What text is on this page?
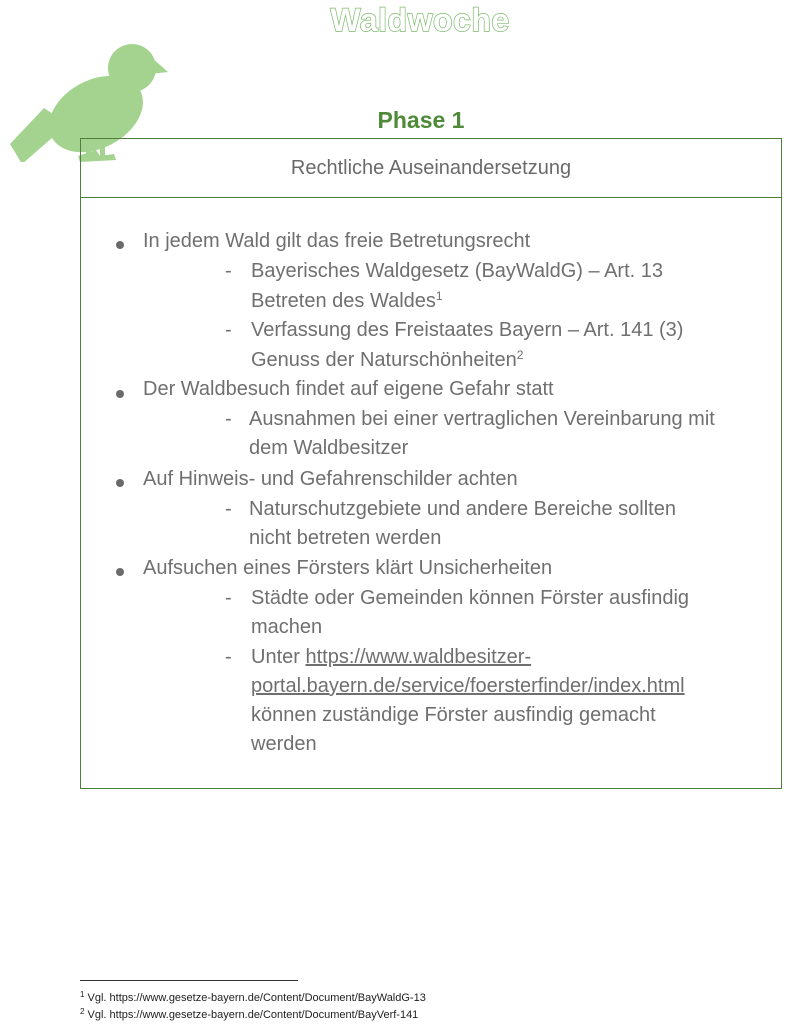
Waldwoche
Phase 1
Rechtliche Auseinandersetzung
In jedem Wald gilt das freie Betretungsrecht
- Bayerisches Waldgesetz (BayWaldG) – Art. 13
Betreten des Waldes$^1$
- Verfassung des Freistaates Bayern – Art. 141 (3)
Genuss der Naturschönheiten$^2$
Der Waldbesuch findet auf eigene Gefahr statt
- Ausnahmen bei einer vertraglichen Vereinbarung mit
dem Waldbesitzer
Auf Hinweis- und Gefahrenschilder achten
- Naturschutzgebiete und andere Bereiche sollten
nicht betreten werden
Aufsuchen eines Försters klärt Unsicherheiten
- Städte oder Gemeinden können Förster ausfindig
machen
- Unter https://www.waldbesitzer-
portal.bayern.de/service/foersterfinder/index.html
können zuständige Förster ausfindig gemacht
werden
$^1$ Vgl. https://www.gesetze-bayern.de/Content/Document/BayWaldG-13
$^2$ Vgl. https://www.gesetze-bayern.de/Content/Document/BayVerf-141
